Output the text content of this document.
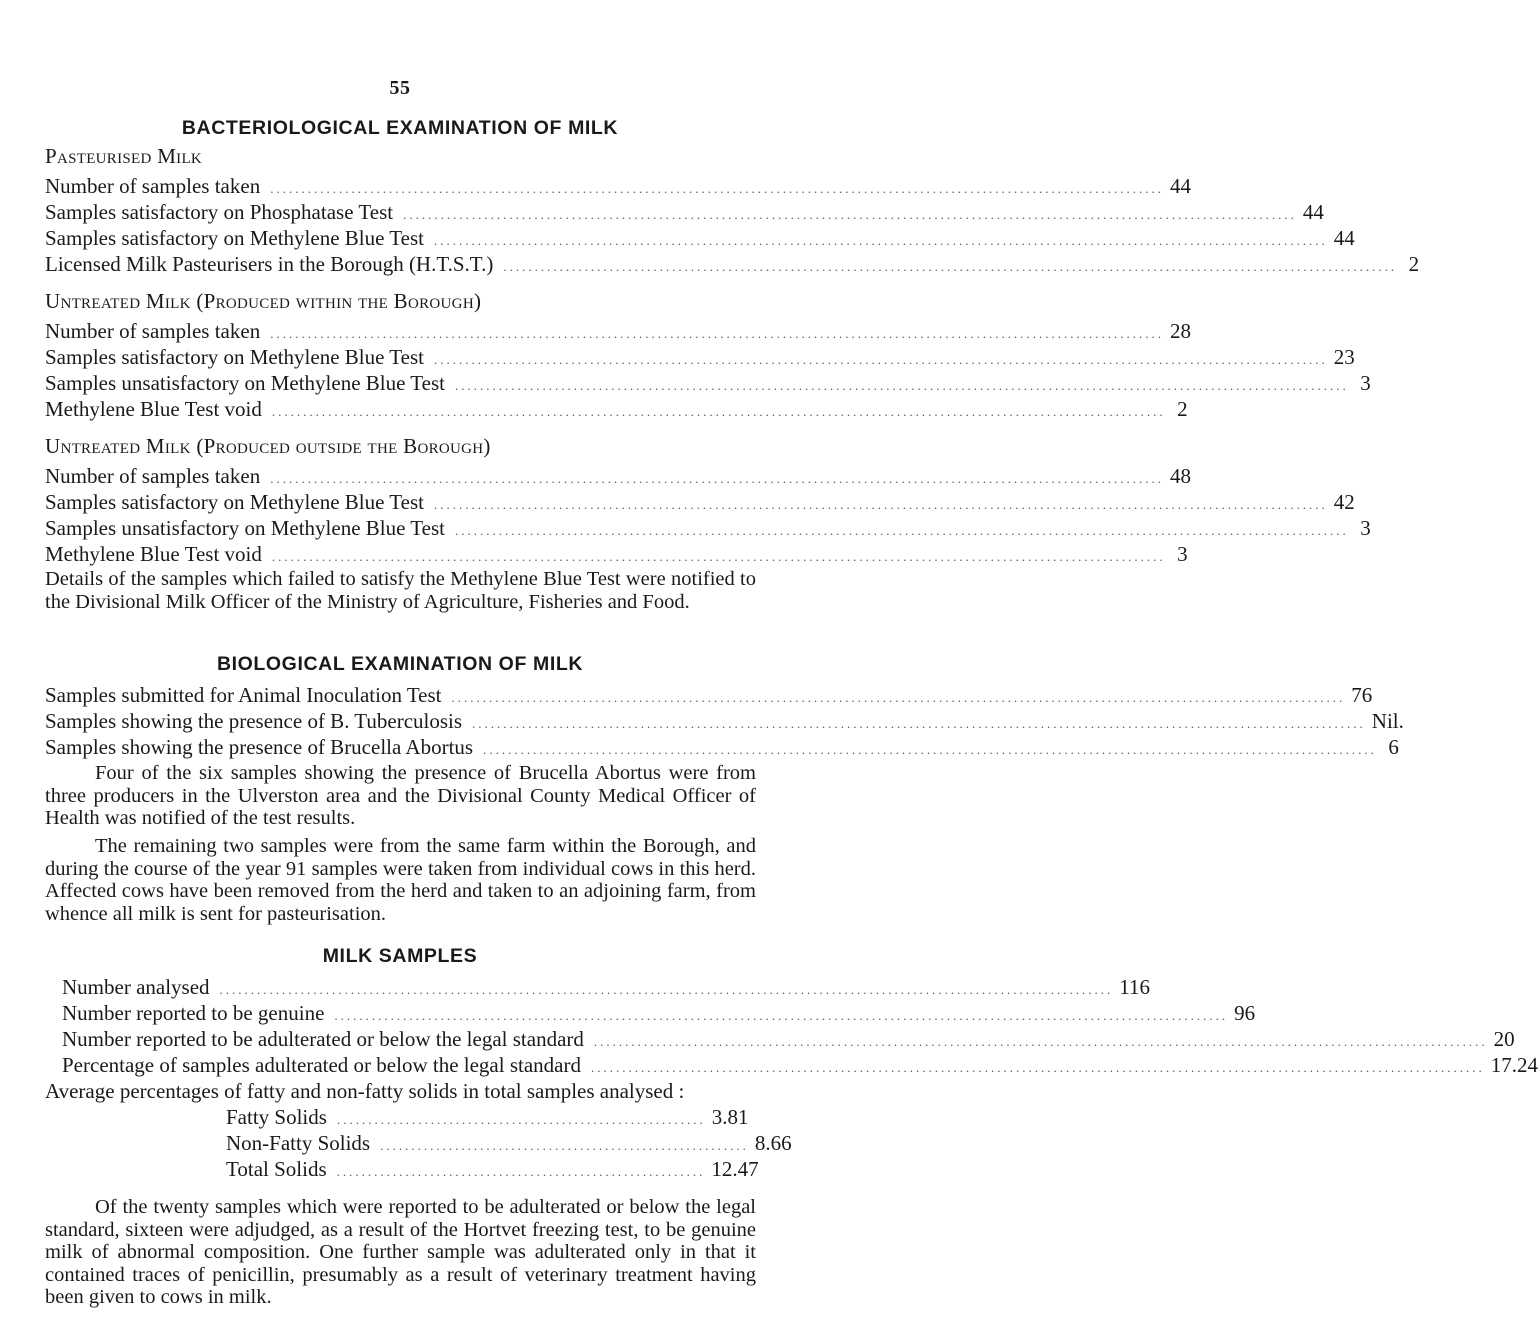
55
BACTERIOLOGICAL EXAMINATION OF MILK
Pasteurised Milk
Number of samples taken ............................................................................................................................................... 44
Samples satisfactory on Phosphatase Test ............................................................................................................................................... 44
Samples satisfactory on Methylene Blue Test ............................................................................................................................................... 44
Licensed Milk Pasteurisers in the Borough (H.T.S.T.) ............................................................................................................................................... 2
Untreated Milk (Produced within the Borough)
Number of samples taken ............................................................................................................................................... 28
Samples satisfactory on Methylene Blue Test ............................................................................................................................................... 23
Samples unsatisfactory on Methylene Blue Test ............................................................................................................................................... 3
Methylene Blue Test void ............................................................................................................................................... 2
Untreated Milk (Produced outside the Borough)
Number of samples taken ............................................................................................................................................... 48
Samples satisfactory on Methylene Blue Test ............................................................................................................................................... 42
Samples unsatisfactory on Methylene Blue Test ............................................................................................................................................... 3
Methylene Blue Test void ............................................................................................................................................... 3

Details of the samples which failed to satisfy the Methylene Blue Test were notified to the Divisional Milk Officer of the Ministry of Agriculture, Fisheries and Food.

BIOLOGICAL EXAMINATION OF MILK
Samples submitted for Animal Inoculation Test ............................................................................................................................................... 76
Samples showing the presence of B. Tuberculosis ............................................................................................................................................... Nil.
Samples showing the presence of Brucella Abortus ............................................................................................................................................... 6

Four of the six samples showing the presence of Brucella Abortus were from three producers in the Ulverston area and the Divisional County Medical Officer of Health was notified of the test results.

The remaining two samples were from the same farm within the Borough, and during the course of the year 91 samples were taken from individual cows in this herd. Affected cows have been removed from the herd and taken to an adjoining farm, from whence all milk is sent for pasteurisation.

MILK SAMPLES
Number analysed ............................................................................................................................................... 116
Number reported to be genuine ............................................................................................................................................... 96
Number reported to be adulterated or below the legal standard ............................................................................................................................................... 20
Percentage of samples adulterated or below the legal standard ............................................................................................................................................... 17.24
Average percentages of fatty and non-fatty solids in total samples analysed :
Fatty Solids ........................................................... 3.81
Non-Fatty Solids ........................................................... 8.66
Total Solids ........................................................... 12.47

Of the twenty samples which were reported to be adulterated or below the legal standard, sixteen were adjudged, as a result of the Hortvet freezing test, to be genuine milk of abnormal composition. One further sample was adulterated only in that it contained traces of penicillin, presumably as a result of veterinary treatment having been given to cows in milk.
